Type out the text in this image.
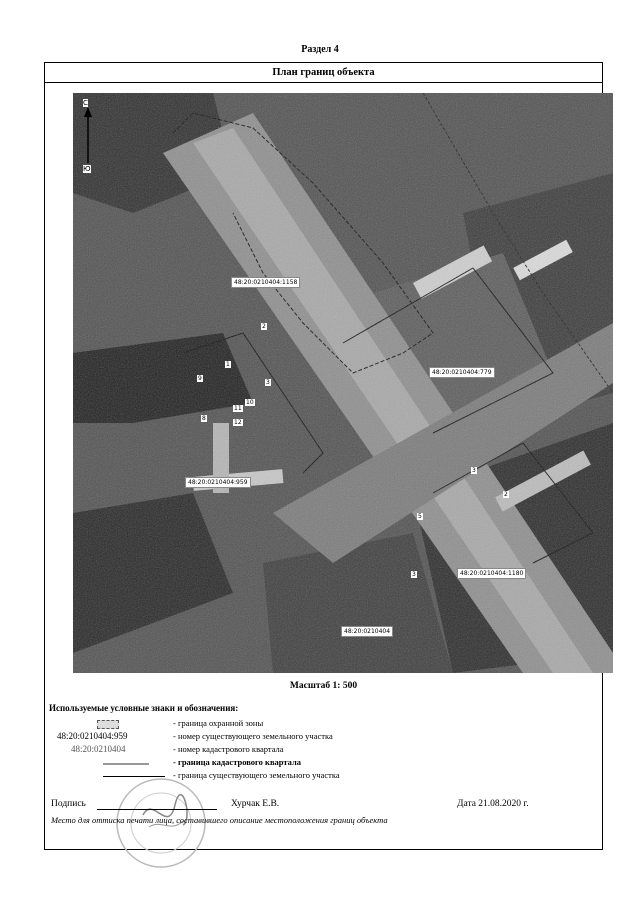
Раздел 4
План границ объекта
С
Ю
48:20:0210404:1158
48:20:0210404:779
48:20:0210404:959
48:20:0210404:1180
48:20:0210404
2
1
9
3
8
10
11
12
3
2
5
3
Масштаб 1: 500
Используемые условные знаки и обозначения:
- граница охранной зоны
48:20:0210404:959	- номер существующего земельного участка
48:20:0210404	- номер кадастрового квартала
- граница кадастрового квартала
- граница существующего земельного участка
Подпись	Хурчак Е.В.	Дата 21.08.2020 г.
Место для оттиска печати лица, составившего описание местоположения границ объекта
